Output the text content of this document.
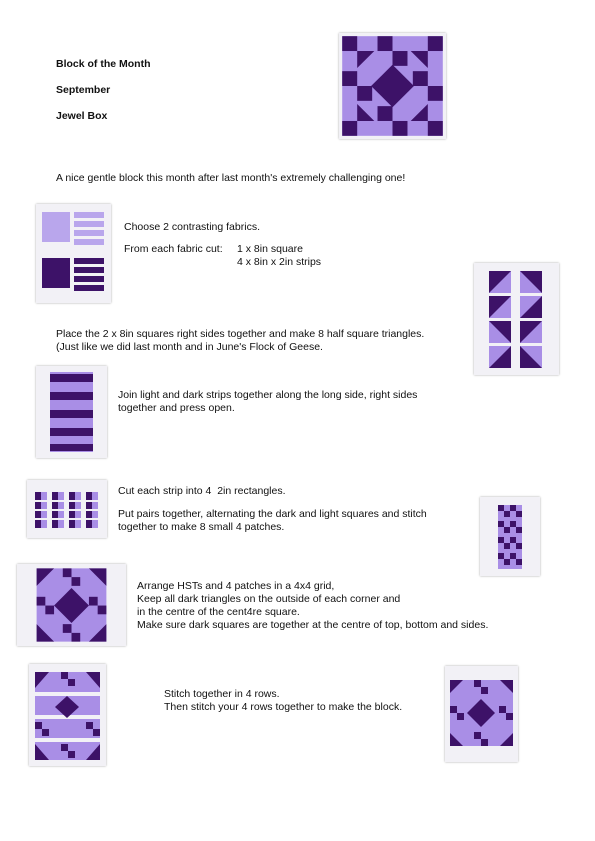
Block of the Month
September
Jewel Box
A nice gentle block this month after last month's extremely challenging one!
Choose 2 contrasting fabrics.
From each fabric cut: 1 x 8in square
4 x 8in x 2in strips
Place the 2 x 8in squares right sides together and make 8 half square triangles.
(Just like we did last month and in June's Flock of Geese.
Join light and dark strips together along the long side, right sides
together and press open.
Cut each strip into 4  2in rectangles.
Put pairs together, alternating the dark and light squares and stitch
together to make 8 small 4 patches.
Arrange HSTs and 4 patches in a 4x4 grid,
Keep all dark triangles on the outside of each corner and
in the centre of the cent4re square.
Make sure dark squares are together at the centre of top, bottom and sides.
Stitch together in 4 rows.
Then stitch your 4 rows together to make the block.
